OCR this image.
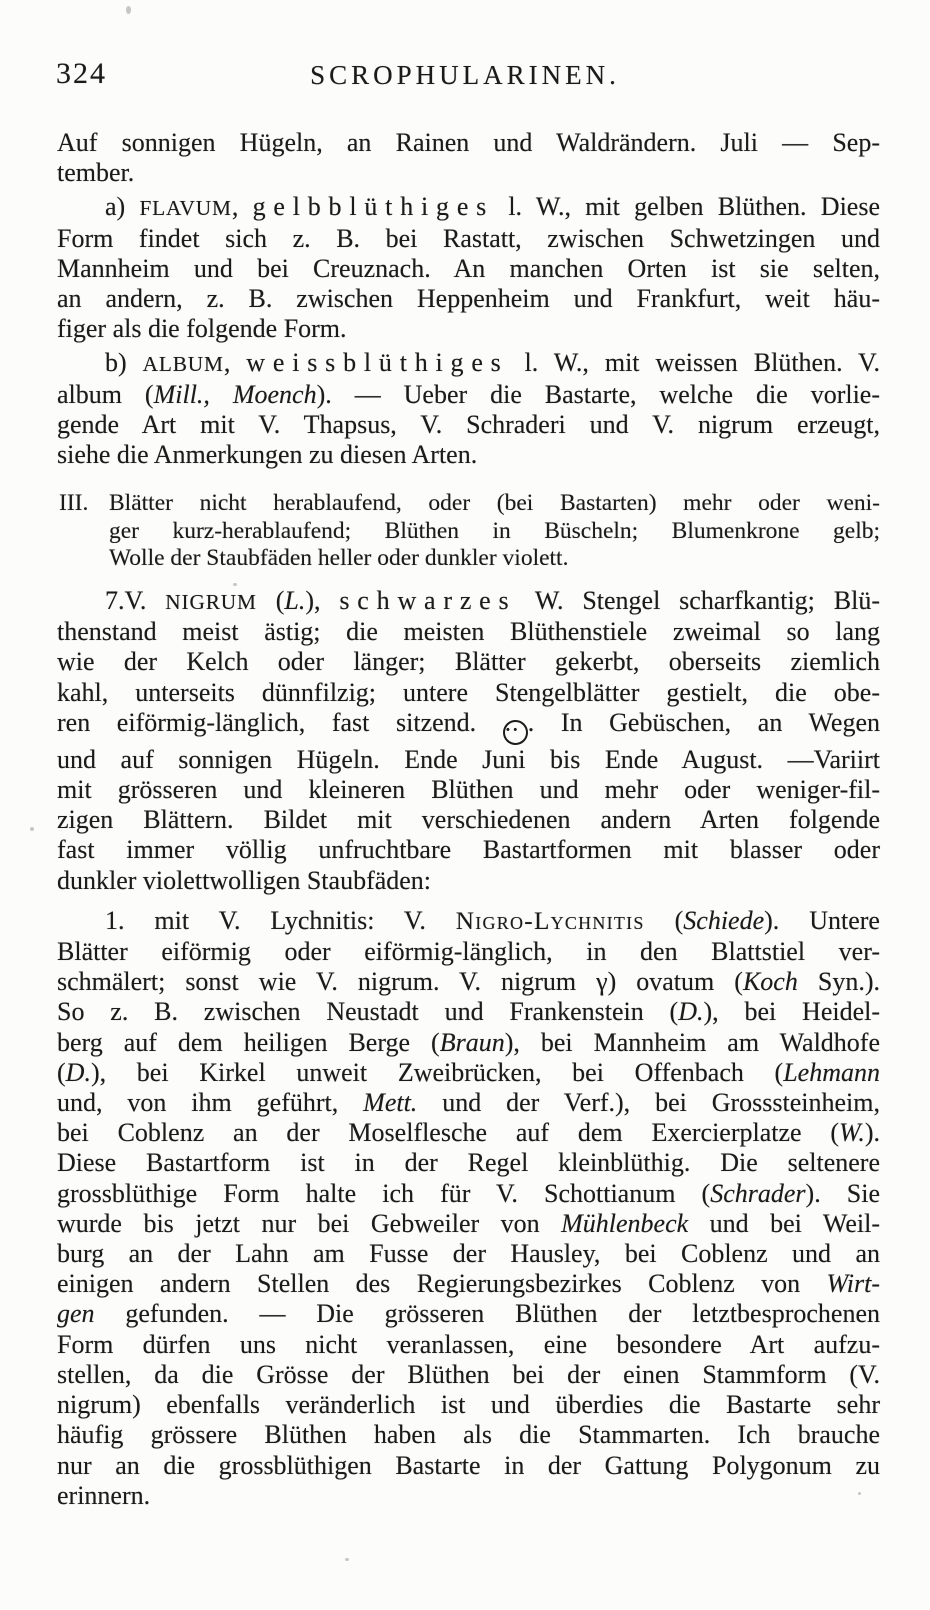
324	SCROPHULARINEN.
Auf sonnigen Hügeln, an Rainen und Waldrändern. Juli — Sep-
tember.
a) FLAVUM, gelbblüthiges l. W., mit gelben Blüthen. Diese
Form findet sich z. B. bei Rastatt, zwischen Schwetzingen und
Mannheim und bei Creuznach. An manchen Orten ist sie selten,
an andern, z. B. zwischen Heppenheim und Frankfurt, weit häu-
figer als die folgende Form.
b) ALBUM, weissblüthiges l. W., mit weissen Blüthen. V.
album (Mill., Moench). — Ueber die Bastarte, welche die vorlie-
gende Art mit V. Thapsus, V. Schraderi und V. nigrum erzeugt,
siehe die Anmerkungen zu diesen Arten.
III. Blätter nicht herablaufend, oder (bei Bastarten) mehr oder weni-
ger kurz-herablaufend; Blüthen in Büscheln; Blumenkrone gelb;
Wolle der Staubfäden heller oder dunkler violett.
7.V. NIGRUM (L.), schwarzes W. Stengel scharfkantig; Blü-
thenstand meist ästig; die meisten Blüthenstiele zweimal so lang
wie der Kelch oder länger; Blätter gekerbt, oberseits ziemlich
kahl, unterseits dünnfilzig; untere Stengelblätter gestielt, die obe-
ren eiförmig-länglich, fast sitzend. ·· . In Gebüschen, an Wegen
und auf sonnigen Hügeln. Ende Juni bis Ende August. —Variirt
mit grösseren und kleineren Blüthen und mehr oder weniger-fil-
zigen Blättern. Bildet mit verschiedenen andern Arten folgende
fast immer völlig unfruchtbare Bastartformen mit blasser oder
dunkler violettwolligen Staubfäden:
1. mit V. Lychnitis: V. Nigro-Lychnitis (Schiede). Untere
Blätter eiförmig oder eiförmig-länglich, in den Blattstiel ver-
schmälert; sonst wie V. nigrum. V. nigrum γ) ovatum (Koch Syn.).
So z. B. zwischen Neustadt und Frankenstein (D.), bei Heidel-
berg auf dem heiligen Berge (Braun), bei Mannheim am Waldhofe
(D.), bei Kirkel unweit Zweibrücken, bei Offenbach (Lehmann
und, von ihm geführt, Mett. und der Verf.), bei Grosssteinheim,
bei Coblenz an der Moselflesche auf dem Exercierplatze (W.).
Diese Bastartform ist in der Regel kleinblüthig. Die seltenere
grossblüthige Form halte ich für V. Schottianum (Schrader). Sie
wurde bis jetzt nur bei Gebweiler von Mühlenbeck und bei Weil-
burg an der Lahn am Fusse der Hausley, bei Coblenz und an
einigen andern Stellen des Regierungsbezirkes Coblenz von Wirt-
gen gefunden. — Die grösseren Blüthen der letztbesprochenen
Form dürfen uns nicht veranlassen, eine besondere Art aufzu-
stellen, da die Grösse der Blüthen bei der einen Stammform (V.
nigrum) ebenfalls veränderlich ist und überdies die Bastarte sehr
häufig grössere Blüthen haben als die Stammarten. Ich brauche
nur an die grossblüthigen Bastarte in der Gattung Polygonum zu
erinnern.
